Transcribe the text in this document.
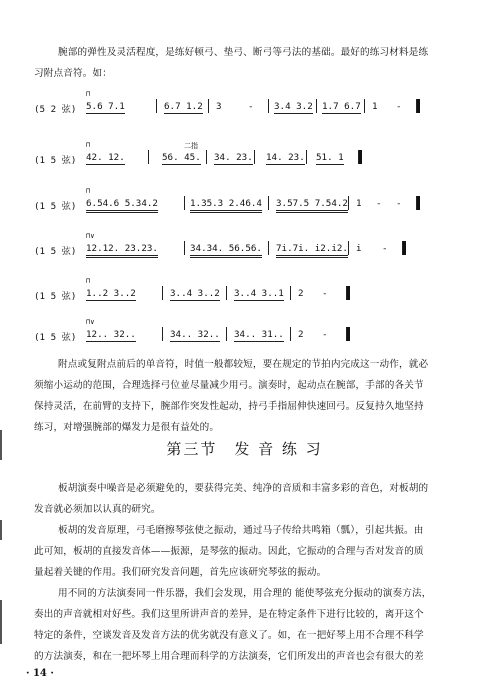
腕部的弹性及灵活程度，是练好顿弓、垫弓、断弓等弓法的基础。最好的练习材料是练
习附点音符。如：
(5 2 弦)
⊓
5.6 7.1	6.7 1.2 3	- 3.4 3.2 1.7 6.7 1 -
(1 5 弦)
⊓	二指
42. 12.	56. 45. 34. 23. 14. 23. 51. 1
(1 5 弦)
⊓
6.54.6 5.34.2	1.35.3 2.46.4 3.57.5 7.54.2 1 - -
(1 5 弦)
⊓∨
12.12. 23.23.	34.34. 56.56. 7i.7i. i2.i2. i -
(1 5 弦)
⊓
1..2 3..2	3..4 3..2 3..4 3..1 2 -
(1 5 弦)
⊓∨
12.. 32..	34.. 32.. 34.. 31.. 2 -
附点或复附点前后的单音符，时值一般都较短，要在规定的节拍内完成这一动作，就必
须缩小运动的范围，合理选择弓位並尽量减少用弓。演奏时，起动点在腕部，手部的各关节
保持灵活，在前臂的支持下，腕部作突发性起动，持弓手指屈伸快速回弓。反复持久地坚持
练习，对增强腕部的爆发力是很有益处的。
第三节　发 音 练 习
板胡演奏中噪音是必须避免的，要获得完美、纯净的音质和丰富多彩的音色，对板胡的
发音就必须加以认真的研究。
板胡的发音原理，弓毛磨擦琴弦使之振动，通过马子传给共鸣箱（瓢），引起共振。由
此可知，板胡的直接发音体——振源，是琴弦的振动。因此，它振动的合理与否对发音的质
量起着关键的作用。我们研究发音问题，首先应该研究琴弦的振动。
用不同的方法演奏同一件乐器，我们会发现，用合理的 能使琴弦充分振动的演奏方法，
奏出的声音就相对好些。我们这里所讲声音的差异，是在特定条件下进行比较的，离开这个
特定的条件，空谈发音及发音方法的优劣就没有意义了。如，在一把好琴上用不合理不科学
的方法演奏，和在一把坏琴上用合理而科学的方法演奏，它们所发出的声音也会有很大的差
· 14 ·
